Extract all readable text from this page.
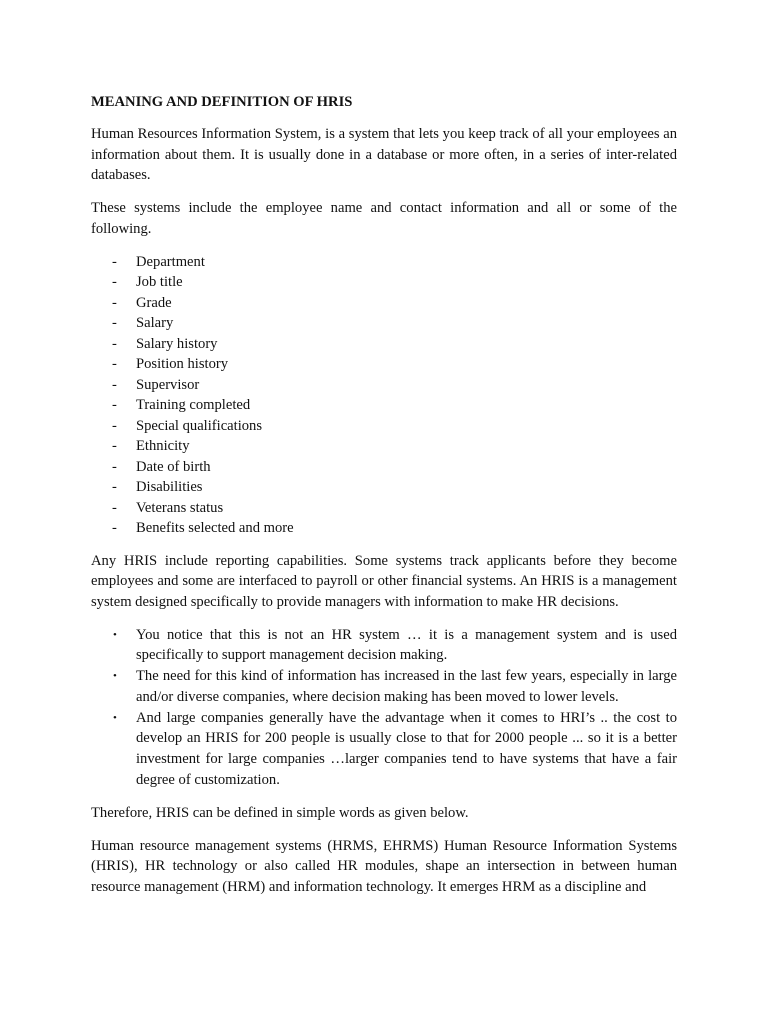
MEANING AND DEFINITION OF HRIS

Human Resources Information System, is a system that lets you keep track of all your employees an information about them. It is usually done in a database or more often, in a series of inter-related databases.

These systems include the employee name and contact information and all or some of the following.

- Department
- Job title
- Grade
- Salary
- Salary history
- Position history
- Supervisor
- Training completed
- Special qualifications
- Ethnicity
- Date of birth
- Disabilities
- Veterans status
- Benefits selected and more

Any HRIS include reporting capabilities. Some systems track applicants before they become employees and some are interfaced to payroll or other financial systems. An HRIS is a management system designed specifically to provide managers with information to make HR decisions.

• You notice that this is not an HR system … it is a management system and is used specifically to support management decision making.
• The need for this kind of information has increased in the last few years, especially in large and/or diverse companies, where decision making has been moved to lower levels.
• And large companies generally have the advantage when it comes to HRI’s .. the cost to develop an HRIS for 200 people is usually close to that for 2000 people ... so it is a better investment for large companies …larger companies tend to have systems that have a fair degree of customization.

Therefore, HRIS can be defined in simple words as given below.

Human resource management systems (HRMS, EHRMS) Human Resource Information Systems (HRIS), HR technology or also called HR modules, shape an intersection in between human resource management (HRM) and information technology. It emerges HRM as a discipline and
